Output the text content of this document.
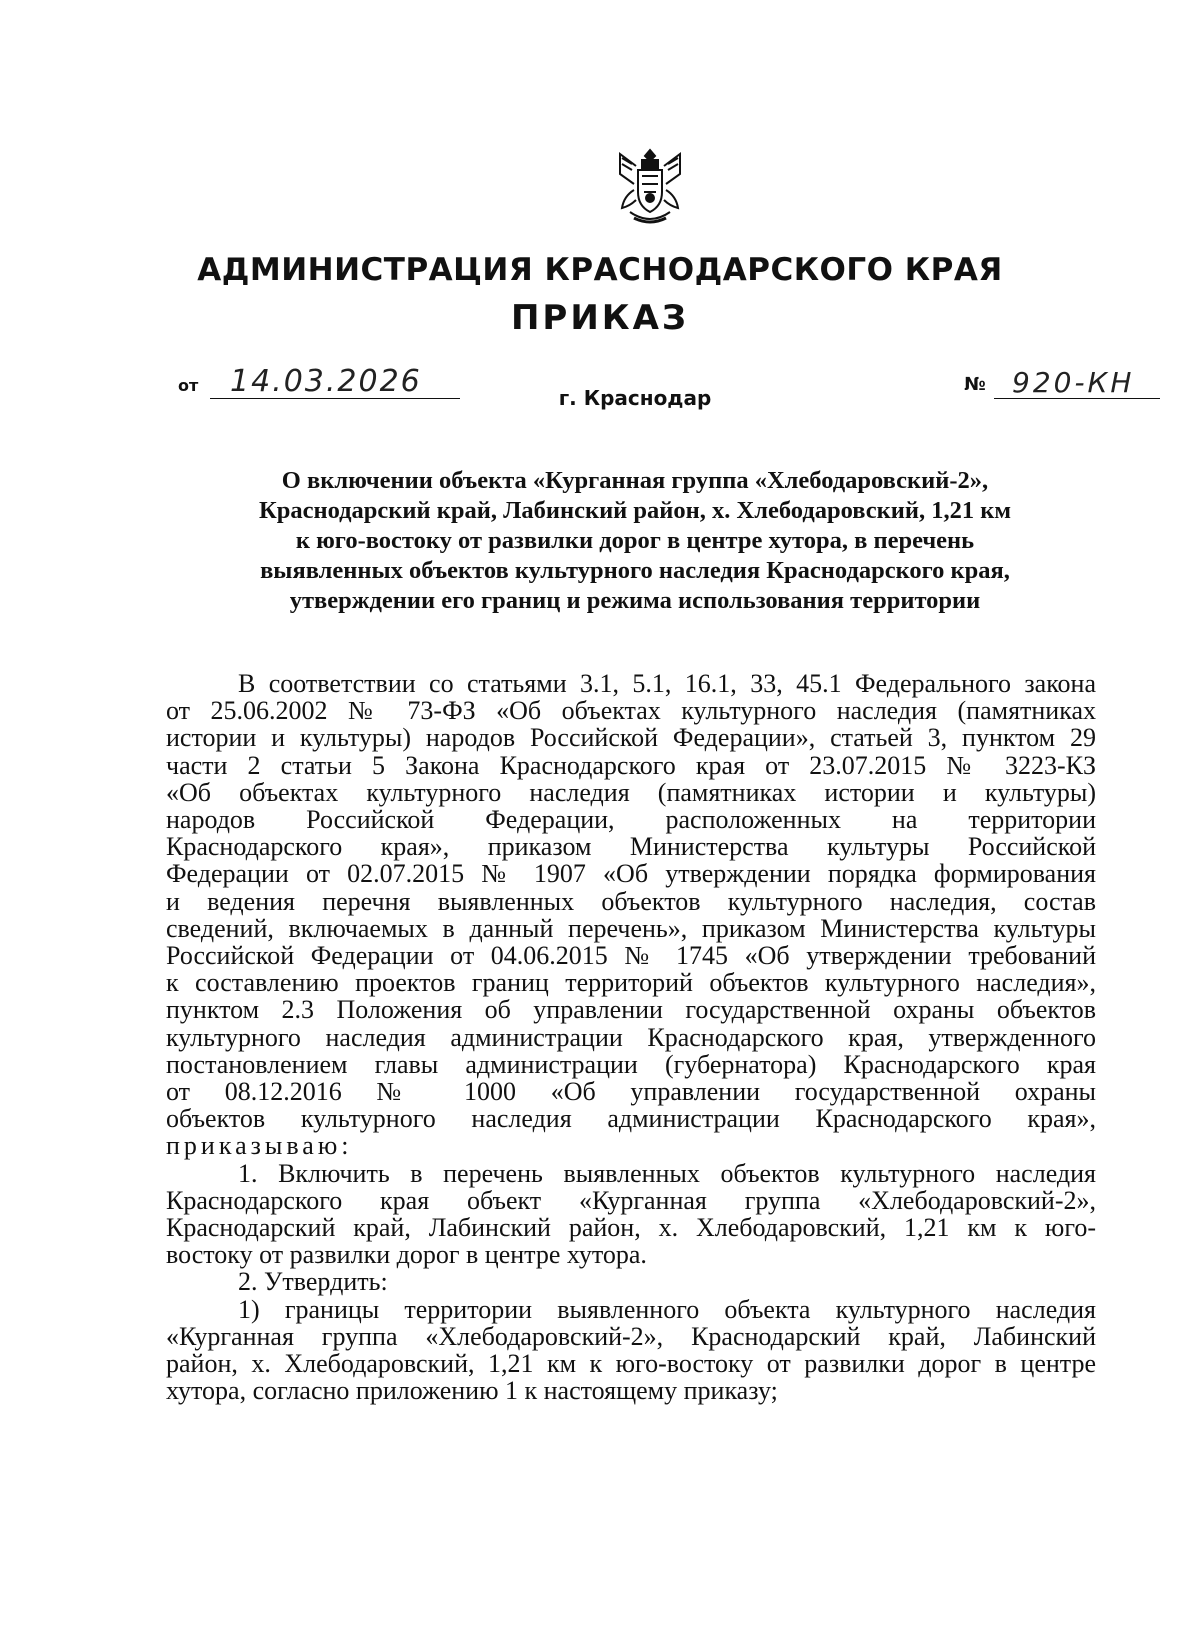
АДМИНИСТРАЦИЯ КРАСНОДАРСКОГО КРАЯ
ПРИКАЗ
от 14.03.2026	№ 920-КН
г. Краснодар
О включении объекта «Курганная группа «Хлебодаровский-2»,
Краснодарский край, Лабинский район, х. Хлебодаровский, 1,21 км
к юго-востоку от развилки дорог в центре хутора, в перечень
выявленных объектов культурного наследия Краснодарского края,
утверждении его границ и режима использования территории
В соответствии со статьями 3.1, 5.1, 16.1, 33, 45.1 Федерального закона
от 25.06.2002 № 73-ФЗ «Об объектах культурного наследия (памятниках
истории и культуры) народов Российской Федерации», статьей 3, пунктом 29
части 2 статьи 5 Закона Краснодарского края от 23.07.2015 № 3223-КЗ
«Об объектах культурного наследия (памятниках истории и культуры)
народов Российской Федерации, расположенных на территории
Краснодарского края», приказом Министерства культуры Российской
Федерации от 02.07.2015 № 1907 «Об утверждении порядка формирования
и ведения перечня выявленных объектов культурного наследия, состав
сведений, включаемых в данный перечень», приказом Министерства культуры
Российской Федерации от 04.06.2015 № 1745 «Об утверждении требований
к составлению проектов границ территорий объектов культурного наследия»,
пунктом 2.3 Положения об управлении государственной охраны объектов
культурного наследия администрации Краснодарского края, утвержденного
постановлением главы администрации (губернатора) Краснодарского края
от 08.12.2016 № 1000 «Об управлении государственной охраны
объектов культурного наследия администрации Краснодарского края»,
приказываю:
1. Включить в перечень выявленных объектов культурного наследия
Краснодарского края объект «Курганная группа «Хлебодаровский-2»,
Краснодарский край, Лабинский район, х. Хлебодаровский, 1,21 км к юго-
востоку от развилки дорог в центре хутора.
2. Утвердить:
1) границы территории выявленного объекта культурного наследия
«Курганная группа «Хлебодаровский-2», Краснодарский край, Лабинский
район, х. Хлебодаровский, 1,21 км к юго-востоку от развилки дорог в центре
хутора, согласно приложению 1 к настоящему приказу;
